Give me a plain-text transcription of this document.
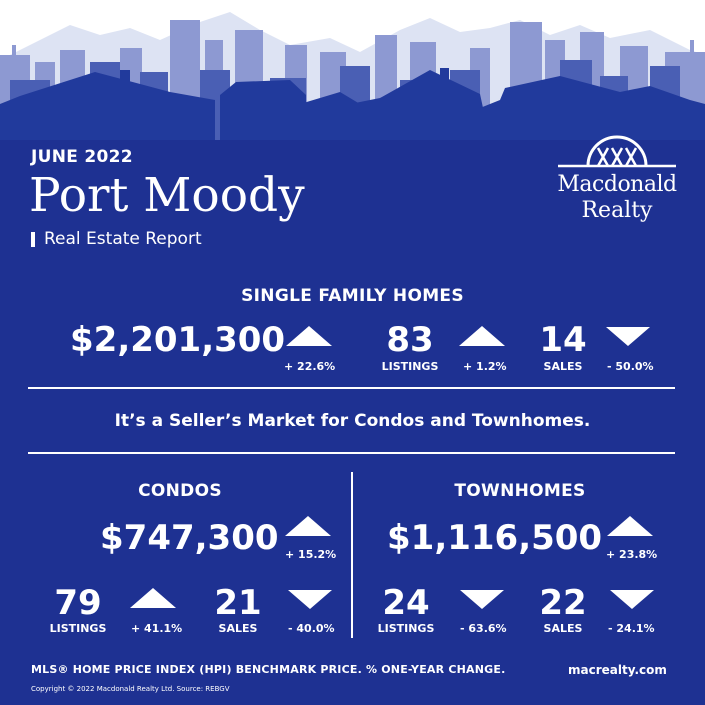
JUNE 2022
Port Moody
Real Estate Report
Macdonald
Realty
SINGLE FAMILY HOMES
$2,201,300
+ 22.6%
83
LISTINGS	+ 1.2%
14
SALES	- 50.0%
It’s a Seller’s Market for Condos and Townhomes.
CONDOS
$747,300 + 15.2%
79
LISTINGS	+ 41.1%
21
SALES	- 40.0%
TOWNHOMES
$1,116,500 + 23.8%
24
LISTINGS	- 63.6%
22
SALES	- 24.1%
MLS® HOME PRICE INDEX (HPI) BENCHMARK PRICE. % ONE-YEAR CHANGE.	macrealty.com
Copyright © 2022 Macdonald Realty Ltd. Source: REBGV
